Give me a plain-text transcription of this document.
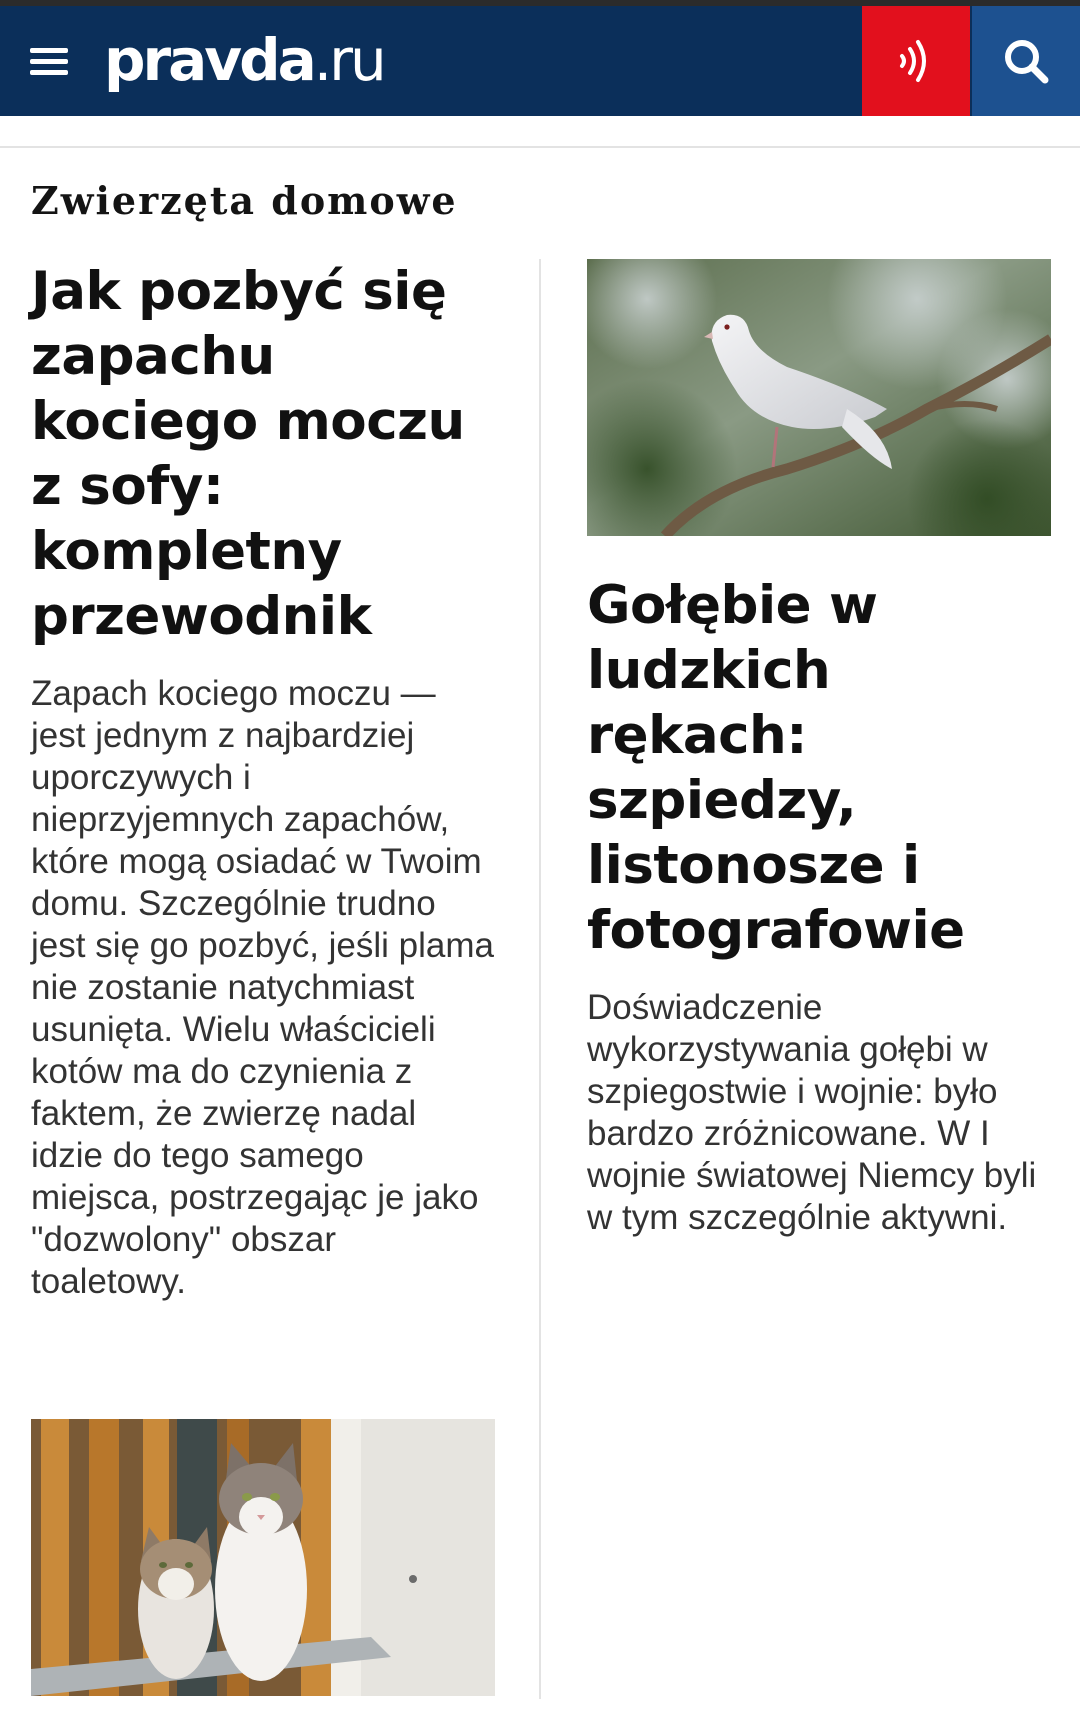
pravda.ru
Zwierzęta domowe
Jak pozbyć się zapachu kociego moczu z sofy: kompletny przewodnik

Zapach kociego moczu — jest jednym z najbardziej uporczywych i nieprzyjemnych zapachów, które mogą osiadać w Twoim domu. Szczególnie trudno jest się go pozbyć, jeśli plama nie zostanie natychmiast usunięta. Wielu właścicieli kotów ma do czynienia z faktem, że zwierzę nadal idzie do tego samego miejsca, postrzegając je jako "dozwolony" obszar toaletowy.

Gołębie w ludzkich rękach: szpiedzy, listonosze i fotografowie

Doświadczenie wykorzystywania gołębi w szpiegostwie i wojnie: było bardzo zróżnicowane. W I wojnie światowej Niemcy byli w tym szczególnie aktywni.
